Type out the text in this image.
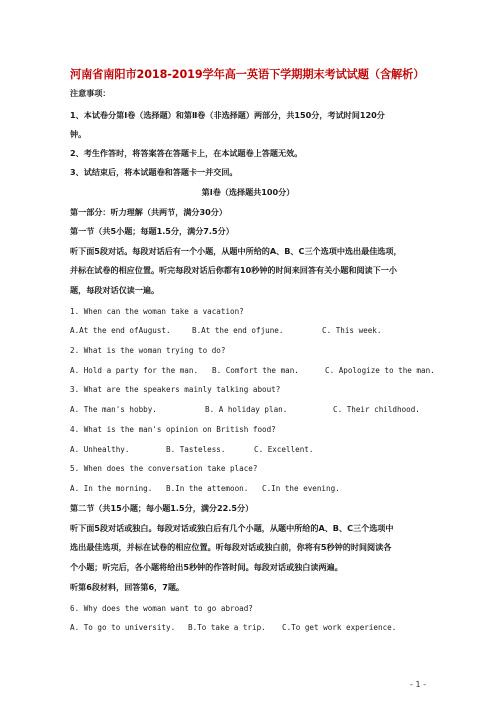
河南省南阳市2018-2019学年高一英语下学期期末考试试题（含解析）
注意事项：
1、本试卷分第Ⅰ卷（选择题）和第Ⅱ卷（非选择题）两部分，共150分，考试时间120分
钟。
2、考生作答时，将答案答在答题卡上，在本试题卷上答题无效。
3、试结束后，将本试题卷和答题卡一并交回。
第Ⅰ卷（选择题共100分）
第一部分：听力理解（共两节，满分30分）
第一节（共5小题；每题1.5分，满分7.5分）
听下面5段对话。每段对话后有一个小题，从题中所给的A、B、C三个选项中选出最佳选项，
并标在试卷的相应位置。听完每段对话后你都有10秒钟的时间来回答有关小题和阅读下一小
题，每段对话仅读一遍。
1. When can the woman take a vacation?
A.At the end ofAugust.	B.At the end ofjune.	C. This week.
2. What is the woman trying to do?
A. Hold a party for the man. B. Comfort the man.	C. Apologize to the man.
3. What are the speakers mainly talking about?
A. The man's hobby.	B. A holiday plan.	C. Their childhood.
4. What is the man's opinion on British food?
A. Unhealthy.	B. Tasteless.	C. Excellent.
5. When does the conversation take place?
A. In the morning. B.In the attemoon. C.In the evening.
第二节（共15小题；每小题1.5分，满分22.5分）
听下面5段对话或独白。每段对话或独白后有几个小题，从题中所给的A、B、C三个选项中
选出最佳选项，并标在试卷的相应位置。听每段对话或独白前，你将有5秒钟的时间阅读各
个小题；听完后，各小题将给出5秒钟的作答时间。每段对话或独白读两遍。
听第6段材料，回答第6，7题。
6. Why does the woman want to go abroad?
A. To go to university. B.To take a trip. C.To get work experience.
- 1 -
